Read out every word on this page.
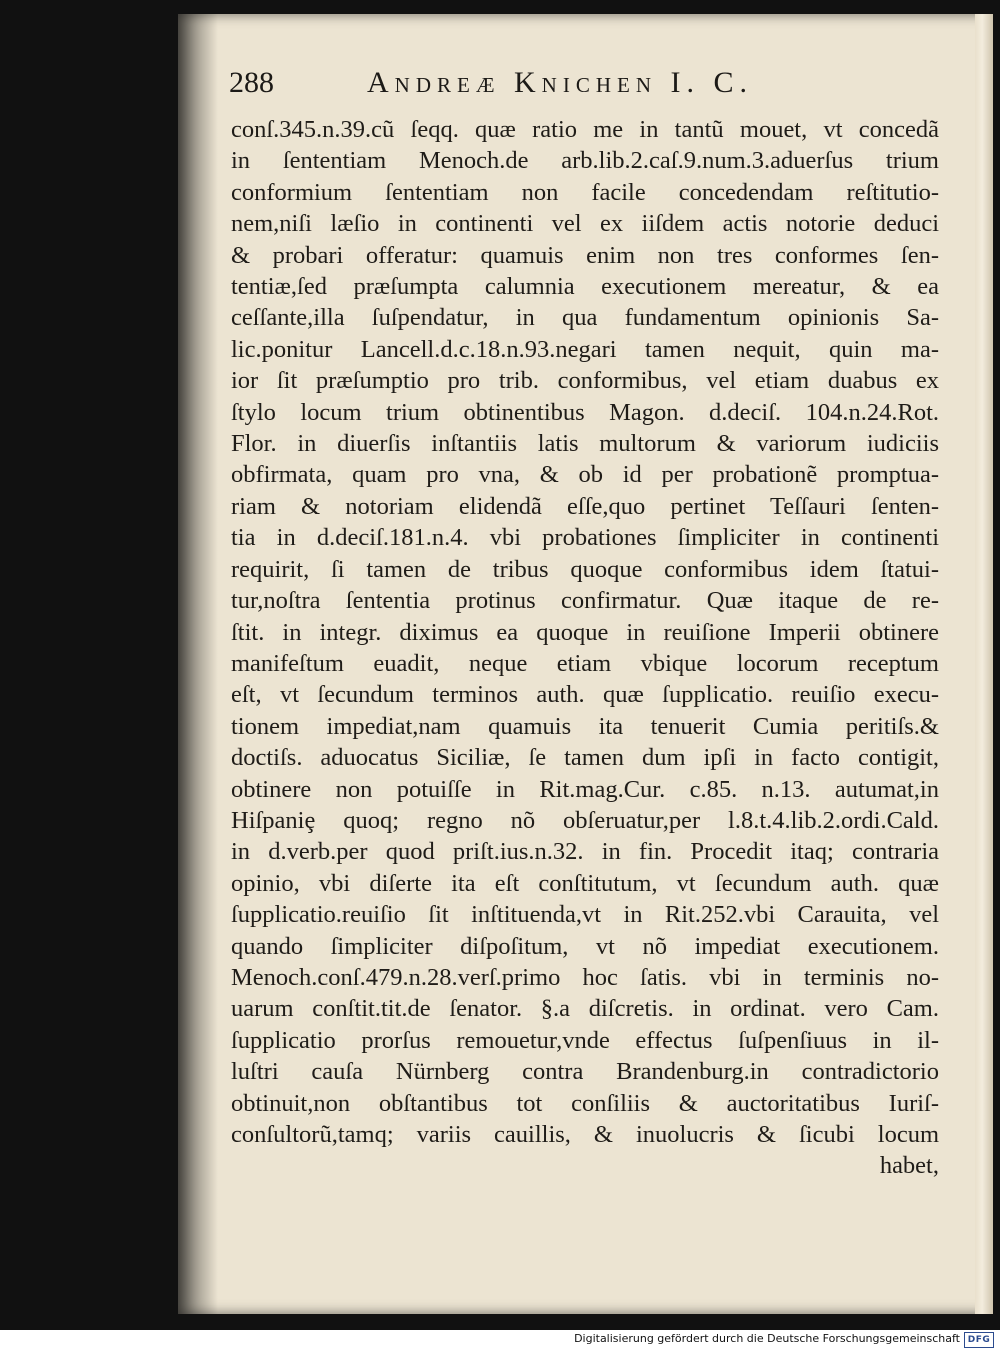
288	Andreæ Knichen I. C.
conſ.345.n.39.cũ ſeqq. quæ ratio me in tantũ mouet, vt concedã
in ſententiam Menoch.de arb.lib.2.caſ.9.num.3.aduerſus trium
conformium ſententiam non facile concedendam reſtitutio-
nem,niſi læſio in continenti vel ex iiſdem actis notorie deduci
& probari offeratur: quamuis enim non tres conformes ſen-
tentiæ,ſed præſumpta calumnia executionem mereatur, & ea
ceſſante,illa ſuſpendatur, in qua fundamentum opinionis Sa-
lic.ponitur Lancell.d.c.18.n.93.negari tamen nequit, quin ma-
ior ſit præſumptio pro trib. conformibus, vel etiam duabus ex
ſtylo locum trium obtinentibus Magon. d.deciſ. 104.n.24.Rot.
Flor. in diuerſis inſtantiis latis multorum & variorum iudiciis
obfirmata, quam pro vna, & ob id per probationẽ promptua-
riam & notoriam elidendã eſſe,quo pertinet Teſſauri ſenten-
tia in d.deciſ.181.n.4. vbi probationes ſimpliciter in continenti
requirit, ſi tamen de tribus quoque conformibus idem ſtatui-
tur,noſtra ſententia protinus confirmatur. Quæ itaque de re-
ſtit. in integr. diximus ea quoque in reuiſione Imperii obtinere
manifeſtum euadit, neque etiam vbique locorum receptum
eſt, vt ſecundum terminos auth. quæ ſupplicatio. reuiſio execu-
tionem impediat,nam quamuis ita tenuerit Cumia peritiſs.&
doctiſs. aduocatus Siciliæ, ſe tamen dum ipſi in facto contigit,
obtinere non potuiſſe in Rit.mag.Cur. c.85. n.13. autumat,in
Hiſpaniȩ quoq; regno nõ obſeruatur,per l.8.t.4.lib.2.ordi.Cald.
in d.verb.per quod priſt.ius.n.32. in fin. Procedit itaq; contraria
opinio, vbi diſerte ita eſt conſtitutum, vt ſecundum auth. quæ
ſupplicatio.reuiſio ſit inſtituenda,vt in Rit.252.vbi Carauita, vel
quando ſimpliciter diſpoſitum, vt nõ impediat executionem.
Menoch.conſ.479.n.28.verſ.primo hoc ſatis. vbi in terminis no-
uarum conſtit.tit.de ſenator. §.a diſcretis. in ordinat. vero Cam.
ſupplicatio prorſus remouetur,vnde effectus ſuſpenſiuus in il-
luſtri cauſa Nürnberg contra Brandenburg.in contradictorio
obtinuit,non obſtantibus tot conſiliis & auctoritatibus Iuriſ-
conſultorũ,tamq; variis cauillis, & inuolucris & ſicubi locum
habet,
Digitalisierung gefördert durch die Deutsche Forschungsgemeinschaft DFG
